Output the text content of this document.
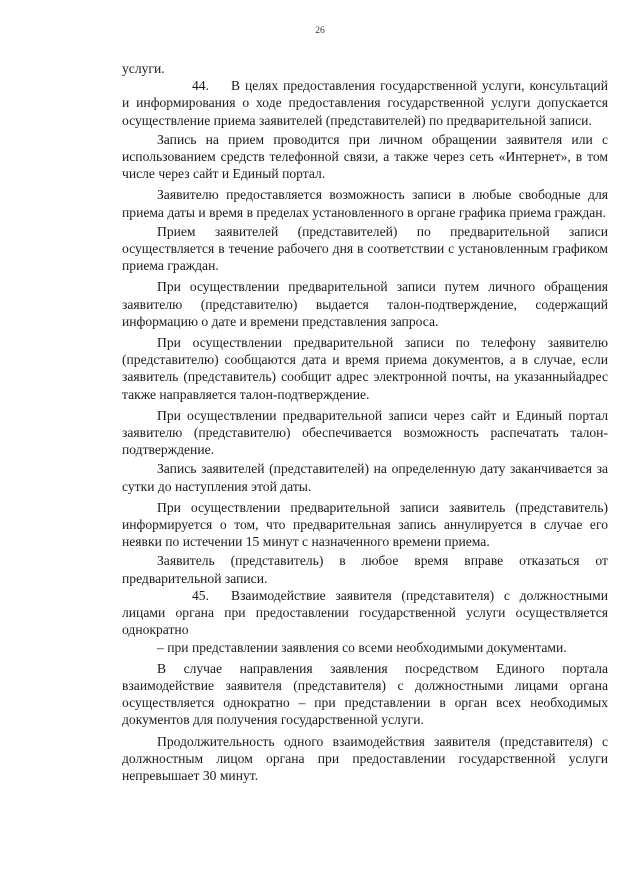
26

услуги.

44. В целях предоставления государственной услуги, консультаций и информирования о ходе предоставления государственной услуги допускается осуществление приема заявителей (представителей) по предварительной записи.

Запись на прием проводится при личном обращении заявителя или с использованием средств телефонной связи, а также через сеть «Интернет», в том числе через сайт и Единый портал.

Заявителю предоставляется возможность записи в любые свободные для приема даты и время в пределах установленного в органе графика приема граждан.

Прием заявителей (представителей) по предварительной записи осуществляется в течение рабочего дня в соответствии с установленным графиком приема граждан.

При осуществлении предварительной записи путем личного обращения заявителю (представителю) выдается талон-подтверждение, содержащий информацию о дате и времени представления запроса.

При осуществлении предварительной записи по телефону заявителю (представителю) сообщаются дата и время приема документов, а в случае, если заявитель (представитель) сообщит адрес электронной почты, на указанныйадрес также направляется талон-подтверждение.

При осуществлении предварительной записи через сайт и Единый портал заявителю (представителю) обеспечивается возможность распечатать талон- подтверждение.

Запись заявителей (представителей) на определенную дату заканчивается за сутки до наступления этой даты.

При осуществлении предварительной записи заявитель (представитель) информируется о том, что предварительная запись аннулируется в случае его неявки по истечении 15 минут с назначенного времени приема.

Заявитель (представитель) в любое время вправе отказаться от предварительной записи.

45. Взаимодействие заявителя (представителя) с должностными лицами органа при предоставлении государственной услуги осуществляется однократно

– при представлении заявления со всеми необходимыми документами.

В случае направления заявления посредством Единого портала взаимодействие заявителя (представителя) с должностными лицами органа осуществляется однократно – при представлении в орган всех необходимых документов для получения государственной услуги.

Продолжительность одного взаимодействия заявителя (представителя) с должностным лицом органа при предоставлении государственной услуги непревышает 30 минут.
